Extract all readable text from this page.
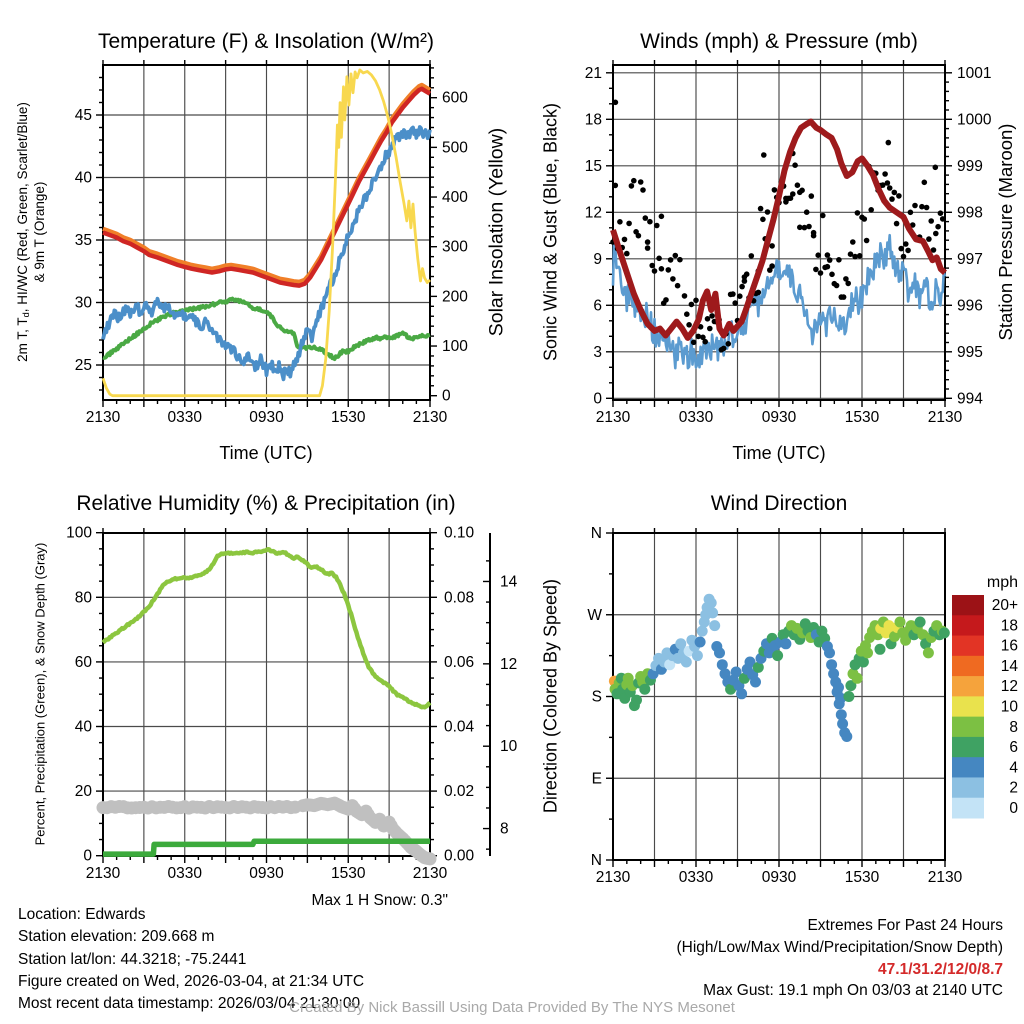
2130	0330	0930	1530	2130
25
30
35
40
45
0
100
200
300
400
500
600
2130	0330	0930	1530	2130
0
3
6
9
12
15
18
21
994
995
996
997
998
999
1000
1001
2130	0330	0930	1530	2130
0
20
40
60
80
100
0.00
0.02
0.04
0.06
0.08
0.10
8
10
12
14
2130	0330	0930	1530	2130
N
W
S
E
N
mph
20+
18
16
14
12
10
8
6
4
2
0
Temperature (F) & Insolation (W/m²)	Winds (mph) & Pressure (mb)
Relative Humidity (%) & Precipitation (in)	Wind Direction
Time (UTC)	Time (UTC)
2m T, $T_d$, HI/WC (Red, Green, Scarlet/Blue) & 9m T (Orange)	Solar Insolation (Yellow) Sonic Wind & Gust (Blue, Black)	Station Pressure (Maroon)
Percent, Precipitation (Green), & Snow Depth (Gray)	Direction (Colored By Speed)
Max 1 H Snow: 0.3"
Location: Edwards
Station elevation: 209.668 m
Station lat/lon: 44.3218; -75.2441
Figure created on Wed, 2026-03-04, at 21:34 UTC
Most recent data timestamp: 2026/03/04 21:30:00
Extremes For Past 24 Hours
(High/Low/Max Wind/Precipitation/Snow Depth)
47.1/31.2/12/0/8.7
Max Gust: 19.1 mph On 03/03 at 2140 UTC
Created By Nick Bassill Using Data Provided By The NYS Mesonet
